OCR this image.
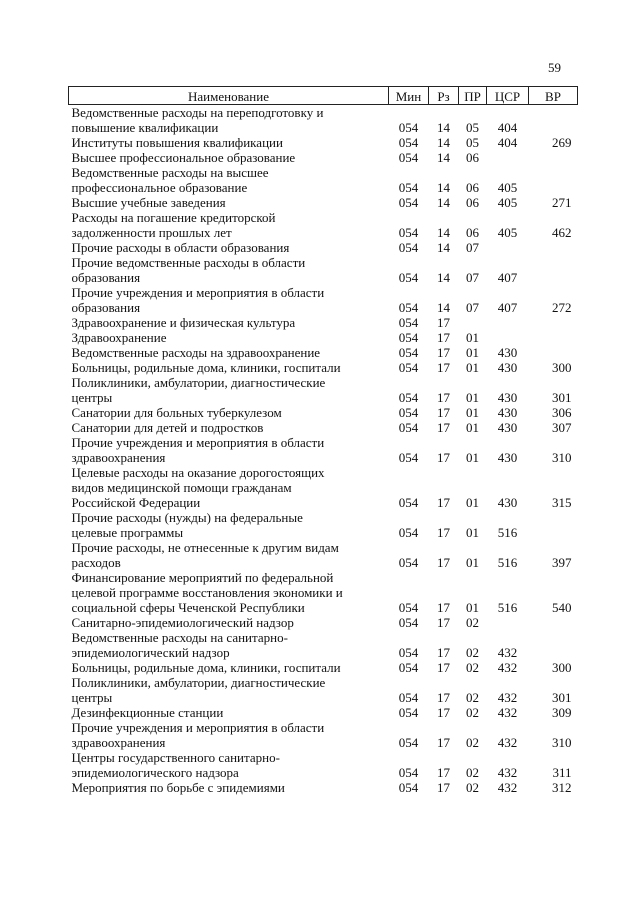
59
Наименование	Мин	Рз	ПР	ЦСР	ВР

Ведомственные расходы на переподготовку и
повышение квалификации	054	14	05	404	

Институты повышения квалификации	054	14	05	404	269

Высшее профессиональное образование	054	14	06		

Ведомственные расходы на высшее
профессиональное образование	054	14	06	405	

Высшие учебные заведения	054	14	06	405	271

Расходы на погашение кредиторской
задолженности прошлых лет	054	14	06	405	462

Прочие расходы в области образования	054	14	07		

Прочие ведомственные расходы в области
образования	054	14	07	407	

Прочие учреждения и мероприятия в области
образования	054	14	07	407	272

Здравоохранение и физическая культура	054	17			

Здравоохранение	054	17	01		

Ведомственные расходы на здравоохранение	054	17	01	430	

Больницы, родильные дома, клиники, госпитали	054	17	01	430	300

Поликлиники, амбулатории, диагностические
центры	054	17	01	430	301

Санатории для больных туберкулезом	054	17	01	430	306

Санатории для детей и подростков	054	17	01	430	307

Прочие учреждения и мероприятия в области
здравоохранения	054	17	01	430	310

Целевые расходы на оказание дорогостоящих
видов медицинской помощи гражданам
Российской Федерации	054	17	01	430	315

Прочие расходы (нужды) на федеральные
целевые программы	054	17	01	516	

Прочие расходы, не отнесенные к другим видам
расходов	054	17	01	516	397

Финансирование мероприятий по федеральной
целевой программе восстановления экономики и
социальной сферы Чеченской Республики	054	17	01	516	540

Санитарно-эпидемиологический надзор	054	17	02		

Ведомственные расходы на санитарно-
эпидемиологический надзор	054	17	02	432	

Больницы, родильные дома, клиники, госпитали	054	17	02	432	300

Поликлиники, амбулатории, диагностические
центры	054	17	02	432	301

Дезинфекционные станции	054	17	02	432	309

Прочие учреждения и мероприятия в области
здравоохранения	054	17	02	432	310

Центры государственного санитарно-
эпидемиологического надзора	054	17	02	432	311

Мероприятия по борьбе с эпидемиями	054	17	02	432	312
